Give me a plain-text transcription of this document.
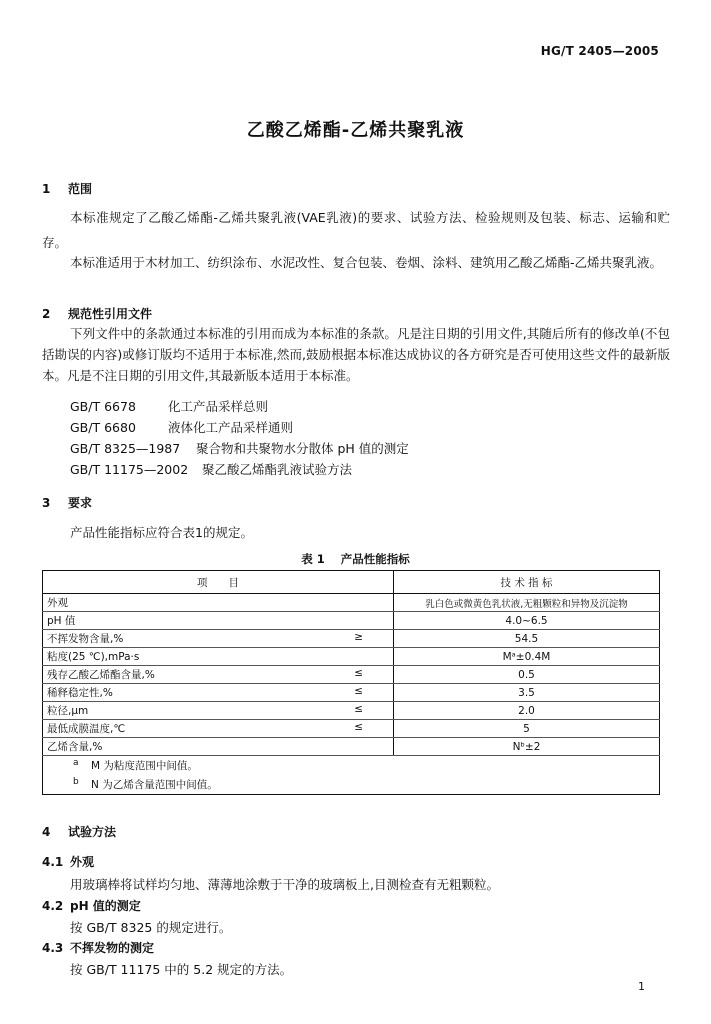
HG/T 2405—2005
乙酸乙烯酯-乙烯共聚乳液
1 范围
本标准规定了乙酸乙烯酯-乙烯共聚乳液(VAE乳液)的要求、试验方法、检验规则及包装、标志、运输和贮存。
本标准适用于木材加工、纺织涂布、水泥改性、复合包装、卷烟、涂料、建筑用乙酸乙烯酯-乙烯共聚乳液。
2 规范性引用文件
下列文件中的条款通过本标准的引用而成为本标准的条款。凡是注日期的引用文件,其随后所有的修改单(不包括勘误的内容)或修订版均不适用于本标准,然而,鼓励根据本标准达成协议的各方研究是否可使用这些文件的最新版本。凡是不注日期的引用文件,其最新版本适用于本标准。
GB/T 6678	化工产品采样总则
GB/T 6680	液体化工产品采样通则
GB/T 8325—1987 聚合物和共聚物水分散体 pH 值的测定
GB/T 11175—2002 聚乙酸乙烯酯乳液试验方法
3 要求
产品性能指标应符合表1的规定。
表 1 产品性能指标
项　　目	技 术 指 标
外观	乳白色或微黄色乳状液,无粗颗粒和异物及沉淀物
pH 值	4.0~6.5
不挥发物含量,% ≥	54.5
粘度(25 ℃),mPa·s	Mᵃ±0.4M
残存乙酸乙烯酯含量,% ≤	0.5
稀释稳定性,% ≤	3.5
粒径,μm ≤	2.0
最低成膜温度,℃ ≤	5
乙烯含量,%	Nᵇ±2
a M 为粘度范围中间值。	
b N 为乙烯含量范围中间值。	
4 试验方法
4.1 外观
用玻璃棒将试样均匀地、薄薄地涂敷于干净的玻璃板上,目测检查有无粗颗粒。
4.2 pH 值的测定
按 GB/T 8325 的规定进行。
4.3 不挥发物的测定
按 GB/T 11175 中的 5.2 规定的方法。
1
